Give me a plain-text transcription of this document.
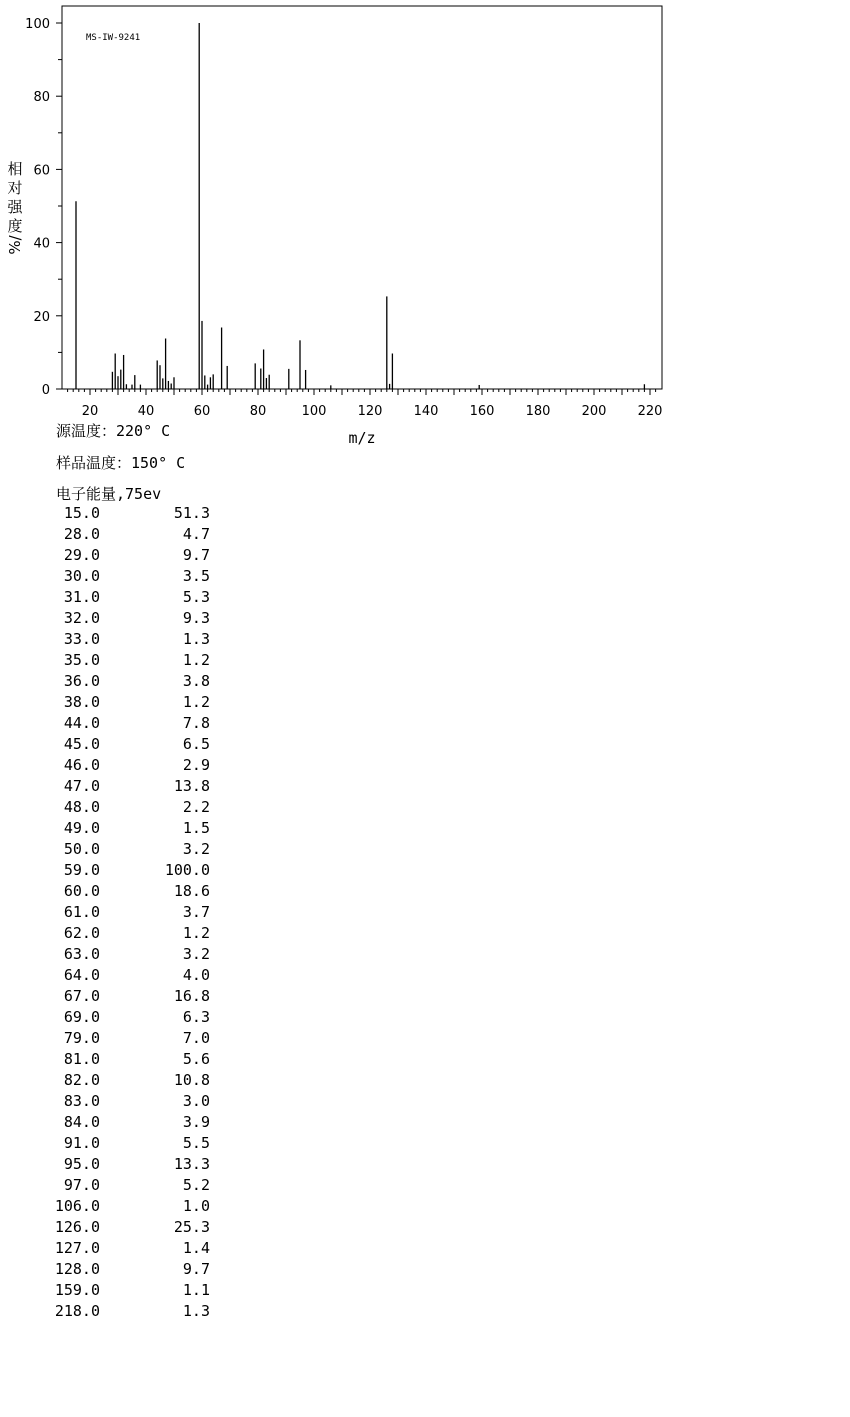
0
20
40
60
80
100
20	40	60	80	100 120 140 160 180 200 220
m/z
相
对
强
度
%/
MS-IW-9241
源温度：220° C
样品温度：150° C
电子能量,75ev
15.0	51.3
28.0	4.7
29.0	9.7
30.0	3.5
31.0	5.3
32.0	9.3
33.0	1.3
35.0	1.2
36.0	3.8
38.0	1.2
44.0	7.8
45.0	6.5
46.0	2.9
47.0	13.8
48.0	2.2
49.0	1.5
50.0	3.2
59.0	100.0
60.0	18.6
61.0	3.7
62.0	1.2
63.0	3.2
64.0	4.0
67.0	16.8
69.0	6.3
79.0	7.0
81.0	5.6
82.0	10.8
83.0	3.0
84.0	3.9
91.0	5.5
95.0	13.3
97.0	5.2
106.0	1.0
126.0	25.3
127.0	1.4
128.0	9.7
159.0	1.1
218.0	1.3
